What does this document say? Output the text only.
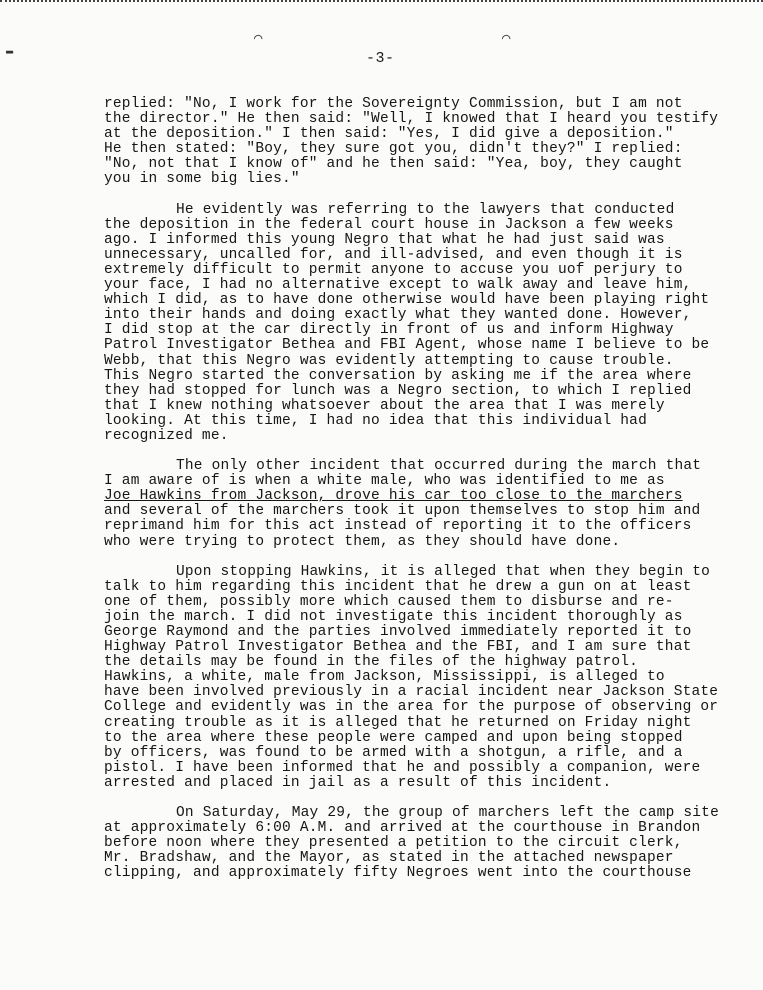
⌒	⌒
▬	-3-
replied: "No, I work for the Sovereignty Commission, but I am not
the director." He then said: "Well, I knowed that I heard you testify
at the deposition." I then said: "Yes, I did give a deposition."
He then stated: "Boy, they sure got you, didn't they?" I replied:
"No, not that I know of" and he then said: "Yea, boy, they caught
you in some big lies."
He evidently was referring to the lawyers that conducted
the deposition in the federal court house in Jackson a few weeks
ago. I informed this young Negro that what he had just said was
unnecessary, uncalled for, and ill-advised, and even though it is
extremely difficult to permit anyone to accuse you uof perjury to
your face, I had no alternative except to walk away and leave him,
which I did, as to have done otherwise would have been playing right
into their hands and doing exactly what they wanted done. However,
I did stop at the car directly in front of us and inform Highway
Patrol Investigator Bethea and FBI Agent, whose name I believe to be
Webb, that this Negro was evidently attempting to cause trouble.
This Negro started the conversation by asking me if the area where
they had stopped for lunch was a Negro section, to which I replied
that I knew nothing whatsoever about the area that I was merely
looking. At this time, I had no idea that this individual had
recognized me.
The only other incident that occurred during the march that
I am aware of is when a white male, who was identified to me as
Joe Hawkins from Jackson, drove his car too close to the marchers
and several of the marchers took it upon themselves to stop him and
reprimand him for this act instead of reporting it to the officers
who were trying to protect them, as they should have done.
Upon stopping Hawkins, it is alleged that when they begin to
talk to him regarding this incident that he drew a gun on at least
one of them, possibly more which caused them to disburse and re-
join the march. I did not investigate this incident thoroughly as
George Raymond and the parties involved immediately reported it to
Highway Patrol Investigator Bethea and the FBI, and I am sure that
the details may be found in the files of the highway patrol.
Hawkins, a white, male from Jackson, Mississippi, is alleged to
have been involved previously in a racial incident near Jackson State
College and evidently was in the area for the purpose of observing or
creating trouble as it is alleged that he returned on Friday night
to the area where these people were camped and upon being stopped
by officers, was found to be armed with a shotgun, a rifle, and a
pistol. I have been informed that he and possibly a companion, were
arrested and placed in jail as a result of this incident.
On Saturday, May 29, the group of marchers left the camp site
at approximately 6:00 A.M. and arrived at the courthouse in Brandon
before noon where they presented a petition to the circuit clerk,
Mr. Bradshaw, and the Mayor, as stated in the attached newspaper
clipping, and approximately fifty Negroes went into the courthouse
